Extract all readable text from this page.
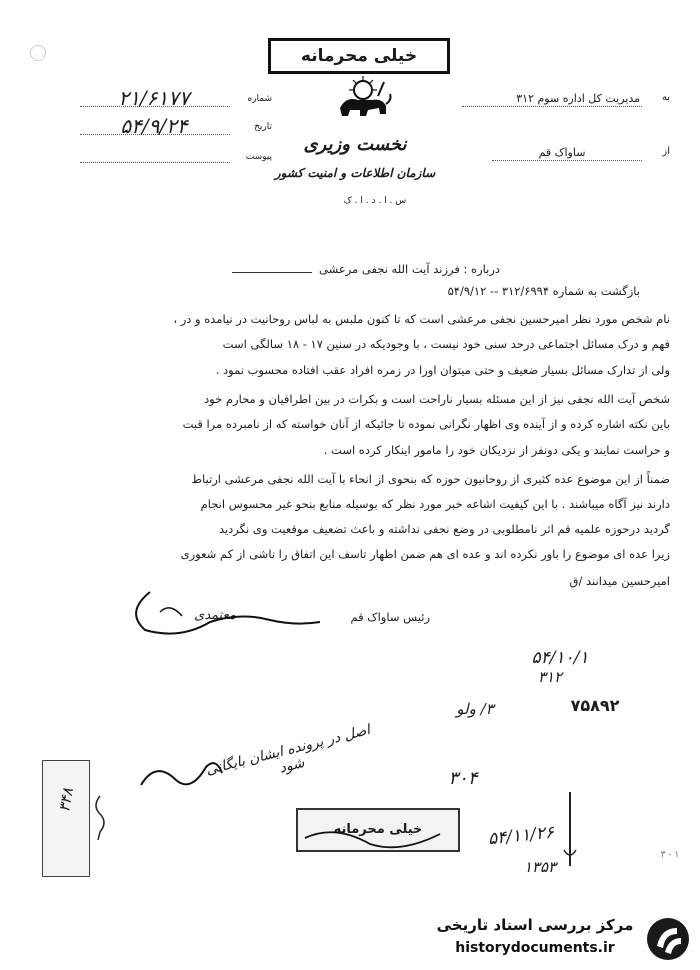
خیلی محرمانه
نخست وزیری
سازمان اطلاعات و امنیت کشور
س . ا . د . ا . ک
شماره
۲۱/۶۱۷۷
تاریخ
۵۴/۹/۲۴
پیوست
به
مدیریت کل اداره سوم ۳۱۲
از
ساواک قم
درباره : فرزند آیت الله نجفی مرعشی
بازگشت به شماره ۳۱۲/۶۹۹۴ -- ۵۴/۹/۱۲
نام شخص مورد نظر امیرحسین نجفی مرعشی است که تا کنون ملبس به لباس روحانیت در نیامده و در ،
فهم و درک مسائل اجتماعی درحد سنی خود نیست ، با وجودیکه در سنین ۱۷ - ۱۸ سالگی است
ولی از تدارک مسائل بسیار ضعیف و حتی میتوان اورا در زمره افراد عقب افتاده محسوب نمود .
شخص آیت الله نجفی نیز از این مسئله بسیار ناراحت است و بکرات در بین اطرافیان و محارم خود
باین نکته اشاره کرده و از آینده وی اظهار نگرانی نموده تا جائیکه از آنان خواسته که از نامبرده مرا قبت
و حراست نمایند و یکی دونفر از نزدیکان خود را مامور اینکار کرده است .
ضمناً از این موضوع عده کثیری از روحانیون حوزه که بنحوی از انحاء با آیت الله نجفی مرعشی ارتباط
دارند نیز آگاه میباشند . با این کیفیت اشاعه خبر مورد نظر که بوسیله منابع بنحو غیر محسوس انجام
گردید درحوزه علمیه قم اثر نامطلوبی در وضع نجفی نداشته و باعث تضعیف موقعیت وی نگردید
زیرا عده ای موضوع را باور نکرده اند و عده ای هم ضمن اظهار تاسف این اتفاق را ناشی از کم شعوری
امیرحسین میدانند /ق
رئیس ساواک قم
معتمدی
۵۴/۱۰/۱
۳۱۲
۳/ ولو	۷۵۸۹۲
اصل در پرونده ایشان بایگانی شود
۳۴۸
خیلی محرمانه
۳۰۴
۵۴/۱۱/۲۶
۱۳۵۳
۳ - ۱
مرکز بررسی اسناد تاریخی
historydocuments.ir
